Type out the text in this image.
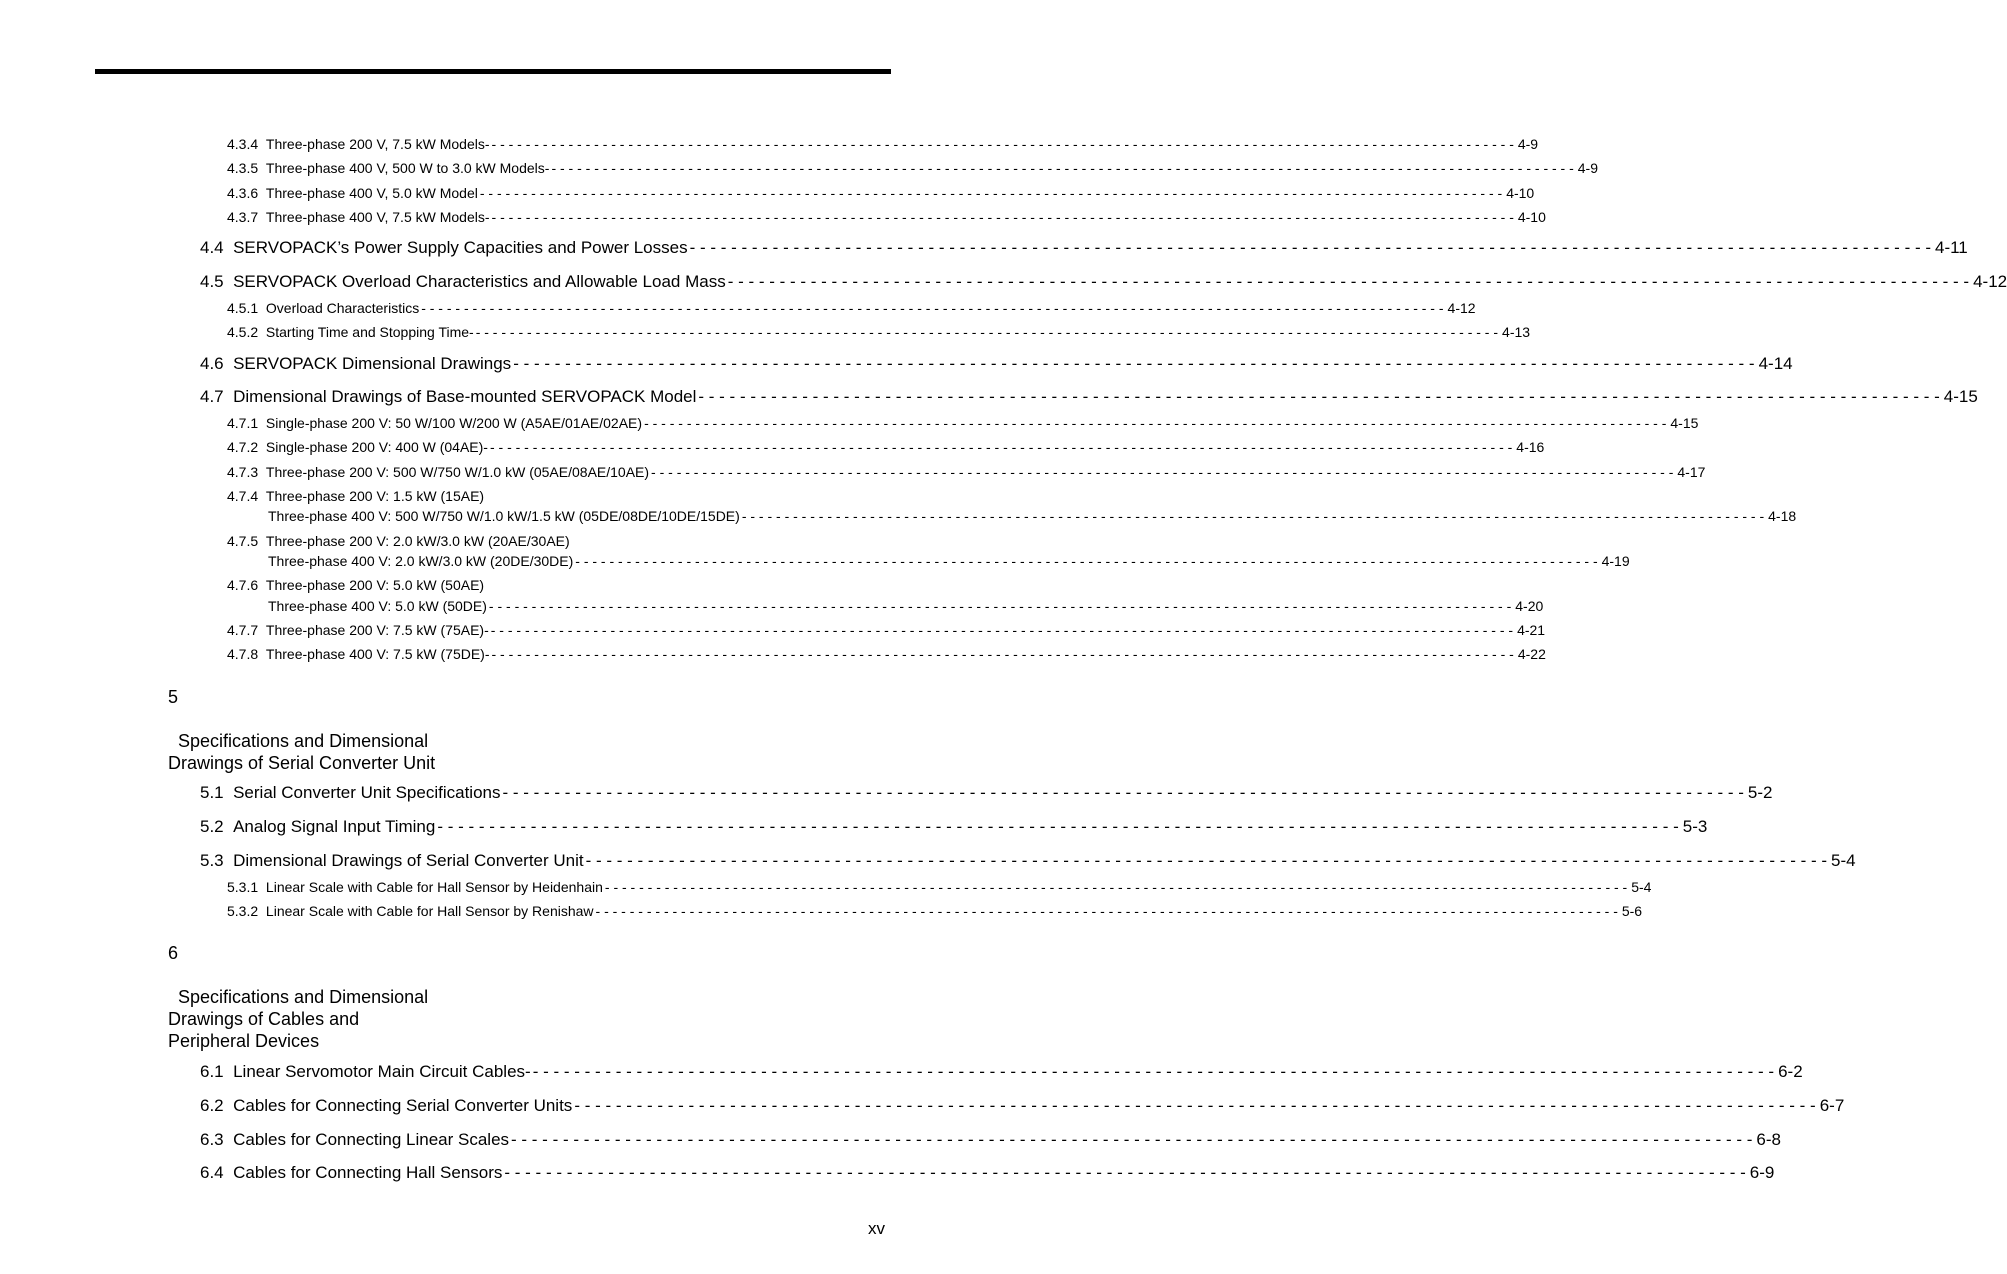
4.3.4 Three-phase 200 V, 7.5 kW Models- - - - - - - - - - - - - - - - - - - - - - - - - - - - - - - - - - - - - - - - - - - - - - - - - - - - - - - - - - - - - - - - - - - - - - - - - - - - - - - - - - - - - - - - - - - - - - - - - - - - - - - - - - - - - - - - - - - - - - - - - 4-9
4.3.5 Three-phase 400 V, 500 W to 3.0 kW Models- - - - - - - - - - - - - - - - - - - - - - - - - - - - - - - - - - - - - - - - - - - - - - - - - - - - - - - - - - - - - - - - - - - - - - - - - - - - - - - - - - - - - - - - - - - - - - - - - - - - - - - - - - - - - - - - - - - - - - - - - 4-9
4.3.6 Three-phase 400 V, 5.0 kW Model - - - - - - - - - - - - - - - - - - - - - - - - - - - - - - - - - - - - - - - - - - - - - - - - - - - - - - - - - - - - - - - - - - - - - - - - - - - - - - - - - - - - - - - - - - - - - - - - - - - - - - - - - - - - - - - - - - - - - - - - 4-10
4.3.7 Three-phase 400 V, 7.5 kW Models- - - - - - - - - - - - - - - - - - - - - - - - - - - - - - - - - - - - - - - - - - - - - - - - - - - - - - - - - - - - - - - - - - - - - - - - - - - - - - - - - - - - - - - - - - - - - - - - - - - - - - - - - - - - - - - - - - - - - - - - - 4-10
4.4 SERVOPACK’s Power Supply Capacities and Power Losses - - - - - - - - - - - - - - - - - - - - - - - - - - - - - - - - - - - - - - - - - - - - - - - - - - - - - - - - - - - - - - - - - - - - - - - - - - - - - - - - - - - - - - - - - - - - - - - - - - - - - - - - - - - - - - - - - - - - - - - - 4-11
4.5 SERVOPACK Overload Characteristics and Allowable Load Mass - - - - - - - - - - - - - - - - - - - - - - - - - - - - - - - - - - - - - - - - - - - - - - - - - - - - - - - - - - - - - - - - - - - - - - - - - - - - - - - - - - - - - - - - - - - - - - - - - - - - - - - - - - - - - - - - - - - - - - - - 4-12
4.5.1 Overload Characteristics - - - - - - - - - - - - - - - - - - - - - - - - - - - - - - - - - - - - - - - - - - - - - - - - - - - - - - - - - - - - - - - - - - - - - - - - - - - - - - - - - - - - - - - - - - - - - - - - - - - - - - - - - - - - - - - - - - - - - - - - 4-12
4.5.2 Starting Time and Stopping Time- - - - - - - - - - - - - - - - - - - - - - - - - - - - - - - - - - - - - - - - - - - - - - - - - - - - - - - - - - - - - - - - - - - - - - - - - - - - - - - - - - - - - - - - - - - - - - - - - - - - - - - - - - - - - - - - - - - - - - - - - 4-13
4.6 SERVOPACK Dimensional Drawings - - - - - - - - - - - - - - - - - - - - - - - - - - - - - - - - - - - - - - - - - - - - - - - - - - - - - - - - - - - - - - - - - - - - - - - - - - - - - - - - - - - - - - - - - - - - - - - - - - - - - - - - - - - - - - - - - - - - - - - - 4-14
4.7 Dimensional Drawings of Base-mounted SERVOPACK Model - - - - - - - - - - - - - - - - - - - - - - - - - - - - - - - - - - - - - - - - - - - - - - - - - - - - - - - - - - - - - - - - - - - - - - - - - - - - - - - - - - - - - - - - - - - - - - - - - - - - - - - - - - - - - - - - - - - - - - - - 4-15
4.7.1 Single-phase 200 V: 50 W/100 W/200 W (A5AE/01AE/02AE) - - - - - - - - - - - - - - - - - - - - - - - - - - - - - - - - - - - - - - - - - - - - - - - - - - - - - - - - - - - - - - - - - - - - - - - - - - - - - - - - - - - - - - - - - - - - - - - - - - - - - - - - - - - - - - - - - - - - - - - - 4-15
4.7.2 Single-phase 200 V: 400 W (04AE)- - - - - - - - - - - - - - - - - - - - - - - - - - - - - - - - - - - - - - - - - - - - - - - - - - - - - - - - - - - - - - - - - - - - - - - - - - - - - - - - - - - - - - - - - - - - - - - - - - - - - - - - - - - - - - - - - - - - - - - - - 4-16
4.7.3 Three-phase 200 V: 500 W/750 W/1.0 kW (05AE/08AE/10AE) - - - - - - - - - - - - - - - - - - - - - - - - - - - - - - - - - - - - - - - - - - - - - - - - - - - - - - - - - - - - - - - - - - - - - - - - - - - - - - - - - - - - - - - - - - - - - - - - - - - - - - - - - - - - - - - - - - - - - - - - 4-17
4.7.4 Three-phase 200 V: 1.5 kW (15AE)
Three-phase 400 V: 500 W/750 W/1.0 kW/1.5 kW (05DE/08DE/10DE/15DE) - - - - - - - - - - - - - - - - - - - - - - - - - - - - - - - - - - - - - - - - - - - - - - - - - - - - - - - - - - - - - - - - - - - - - - - - - - - - - - - - - - - - - - - - - - - - - - - - - - - - - - - - - - - - - - - - - - - - - - - - 4-18
4.7.5 Three-phase 200 V: 2.0 kW/3.0 kW (20AE/30AE)
Three-phase 400 V: 2.0 kW/3.0 kW (20DE/30DE) - - - - - - - - - - - - - - - - - - - - - - - - - - - - - - - - - - - - - - - - - - - - - - - - - - - - - - - - - - - - - - - - - - - - - - - - - - - - - - - - - - - - - - - - - - - - - - - - - - - - - - - - - - - - - - - - - - - - - - - - 4-19
4.7.6 Three-phase 200 V: 5.0 kW (50AE)
Three-phase 400 V: 5.0 kW (50DE) - - - - - - - - - - - - - - - - - - - - - - - - - - - - - - - - - - - - - - - - - - - - - - - - - - - - - - - - - - - - - - - - - - - - - - - - - - - - - - - - - - - - - - - - - - - - - - - - - - - - - - - - - - - - - - - - - - - - - - - - 4-20
4.7.7 Three-phase 200 V: 7.5 kW (75AE)- - - - - - - - - - - - - - - - - - - - - - - - - - - - - - - - - - - - - - - - - - - - - - - - - - - - - - - - - - - - - - - - - - - - - - - - - - - - - - - - - - - - - - - - - - - - - - - - - - - - - - - - - - - - - - - - - - - - - - - - - 4-21
4.7.8 Three-phase 400 V: 7.5 kW (75DE)- - - - - - - - - - - - - - - - - - - - - - - - - - - - - - - - - - - - - - - - - - - - - - - - - - - - - - - - - - - - - - - - - - - - - - - - - - - - - - - - - - - - - - - - - - - - - - - - - - - - - - - - - - - - - - - - - - - - - - - - - 4-22
5
Specifications and Dimensional
Drawings of Serial Converter Unit
5.1 Serial Converter Unit Specifications - - - - - - - - - - - - - - - - - - - - - - - - - - - - - - - - - - - - - - - - - - - - - - - - - - - - - - - - - - - - - - - - - - - - - - - - - - - - - - - - - - - - - - - - - - - - - - - - - - - - - - - - - - - - - - - - - - - - - - - - 5-2
5.2 Analog Signal Input Timing - - - - - - - - - - - - - - - - - - - - - - - - - - - - - - - - - - - - - - - - - - - - - - - - - - - - - - - - - - - - - - - - - - - - - - - - - - - - - - - - - - - - - - - - - - - - - - - - - - - - - - - - - - - - - - - - - - - - - - - - 5-3
5.3 Dimensional Drawings of Serial Converter Unit - - - - - - - - - - - - - - - - - - - - - - - - - - - - - - - - - - - - - - - - - - - - - - - - - - - - - - - - - - - - - - - - - - - - - - - - - - - - - - - - - - - - - - - - - - - - - - - - - - - - - - - - - - - - - - - - - - - - - - - - 5-4
5.3.1 Linear Scale with Cable for Hall Sensor by Heidenhain - - - - - - - - - - - - - - - - - - - - - - - - - - - - - - - - - - - - - - - - - - - - - - - - - - - - - - - - - - - - - - - - - - - - - - - - - - - - - - - - - - - - - - - - - - - - - - - - - - - - - - - - - - - - - - - - - - - - - - - - 5-4
5.3.2 Linear Scale with Cable for Hall Sensor by Renishaw - - - - - - - - - - - - - - - - - - - - - - - - - - - - - - - - - - - - - - - - - - - - - - - - - - - - - - - - - - - - - - - - - - - - - - - - - - - - - - - - - - - - - - - - - - - - - - - - - - - - - - - - - - - - - - - - - - - - - - - - 5-6
6
Specifications and Dimensional
Drawings of Cables and
Peripheral Devices
6.1 Linear Servomotor Main Circuit Cables- - - - - - - - - - - - - - - - - - - - - - - - - - - - - - - - - - - - - - - - - - - - - - - - - - - - - - - - - - - - - - - - - - - - - - - - - - - - - - - - - - - - - - - - - - - - - - - - - - - - - - - - - - - - - - - - - - - - - - - - - 6-2
6.2 Cables for Connecting Serial Converter Units - - - - - - - - - - - - - - - - - - - - - - - - - - - - - - - - - - - - - - - - - - - - - - - - - - - - - - - - - - - - - - - - - - - - - - - - - - - - - - - - - - - - - - - - - - - - - - - - - - - - - - - - - - - - - - - - - - - - - - - - 6-7
6.3 Cables for Connecting Linear Scales - - - - - - - - - - - - - - - - - - - - - - - - - - - - - - - - - - - - - - - - - - - - - - - - - - - - - - - - - - - - - - - - - - - - - - - - - - - - - - - - - - - - - - - - - - - - - - - - - - - - - - - - - - - - - - - - - - - - - - - - 6-8
6.4 Cables for Connecting Hall Sensors - - - - - - - - - - - - - - - - - - - - - - - - - - - - - - - - - - - - - - - - - - - - - - - - - - - - - - - - - - - - - - - - - - - - - - - - - - - - - - - - - - - - - - - - - - - - - - - - - - - - - - - - - - - - - - - - - - - - - - - - 6-9
xv
